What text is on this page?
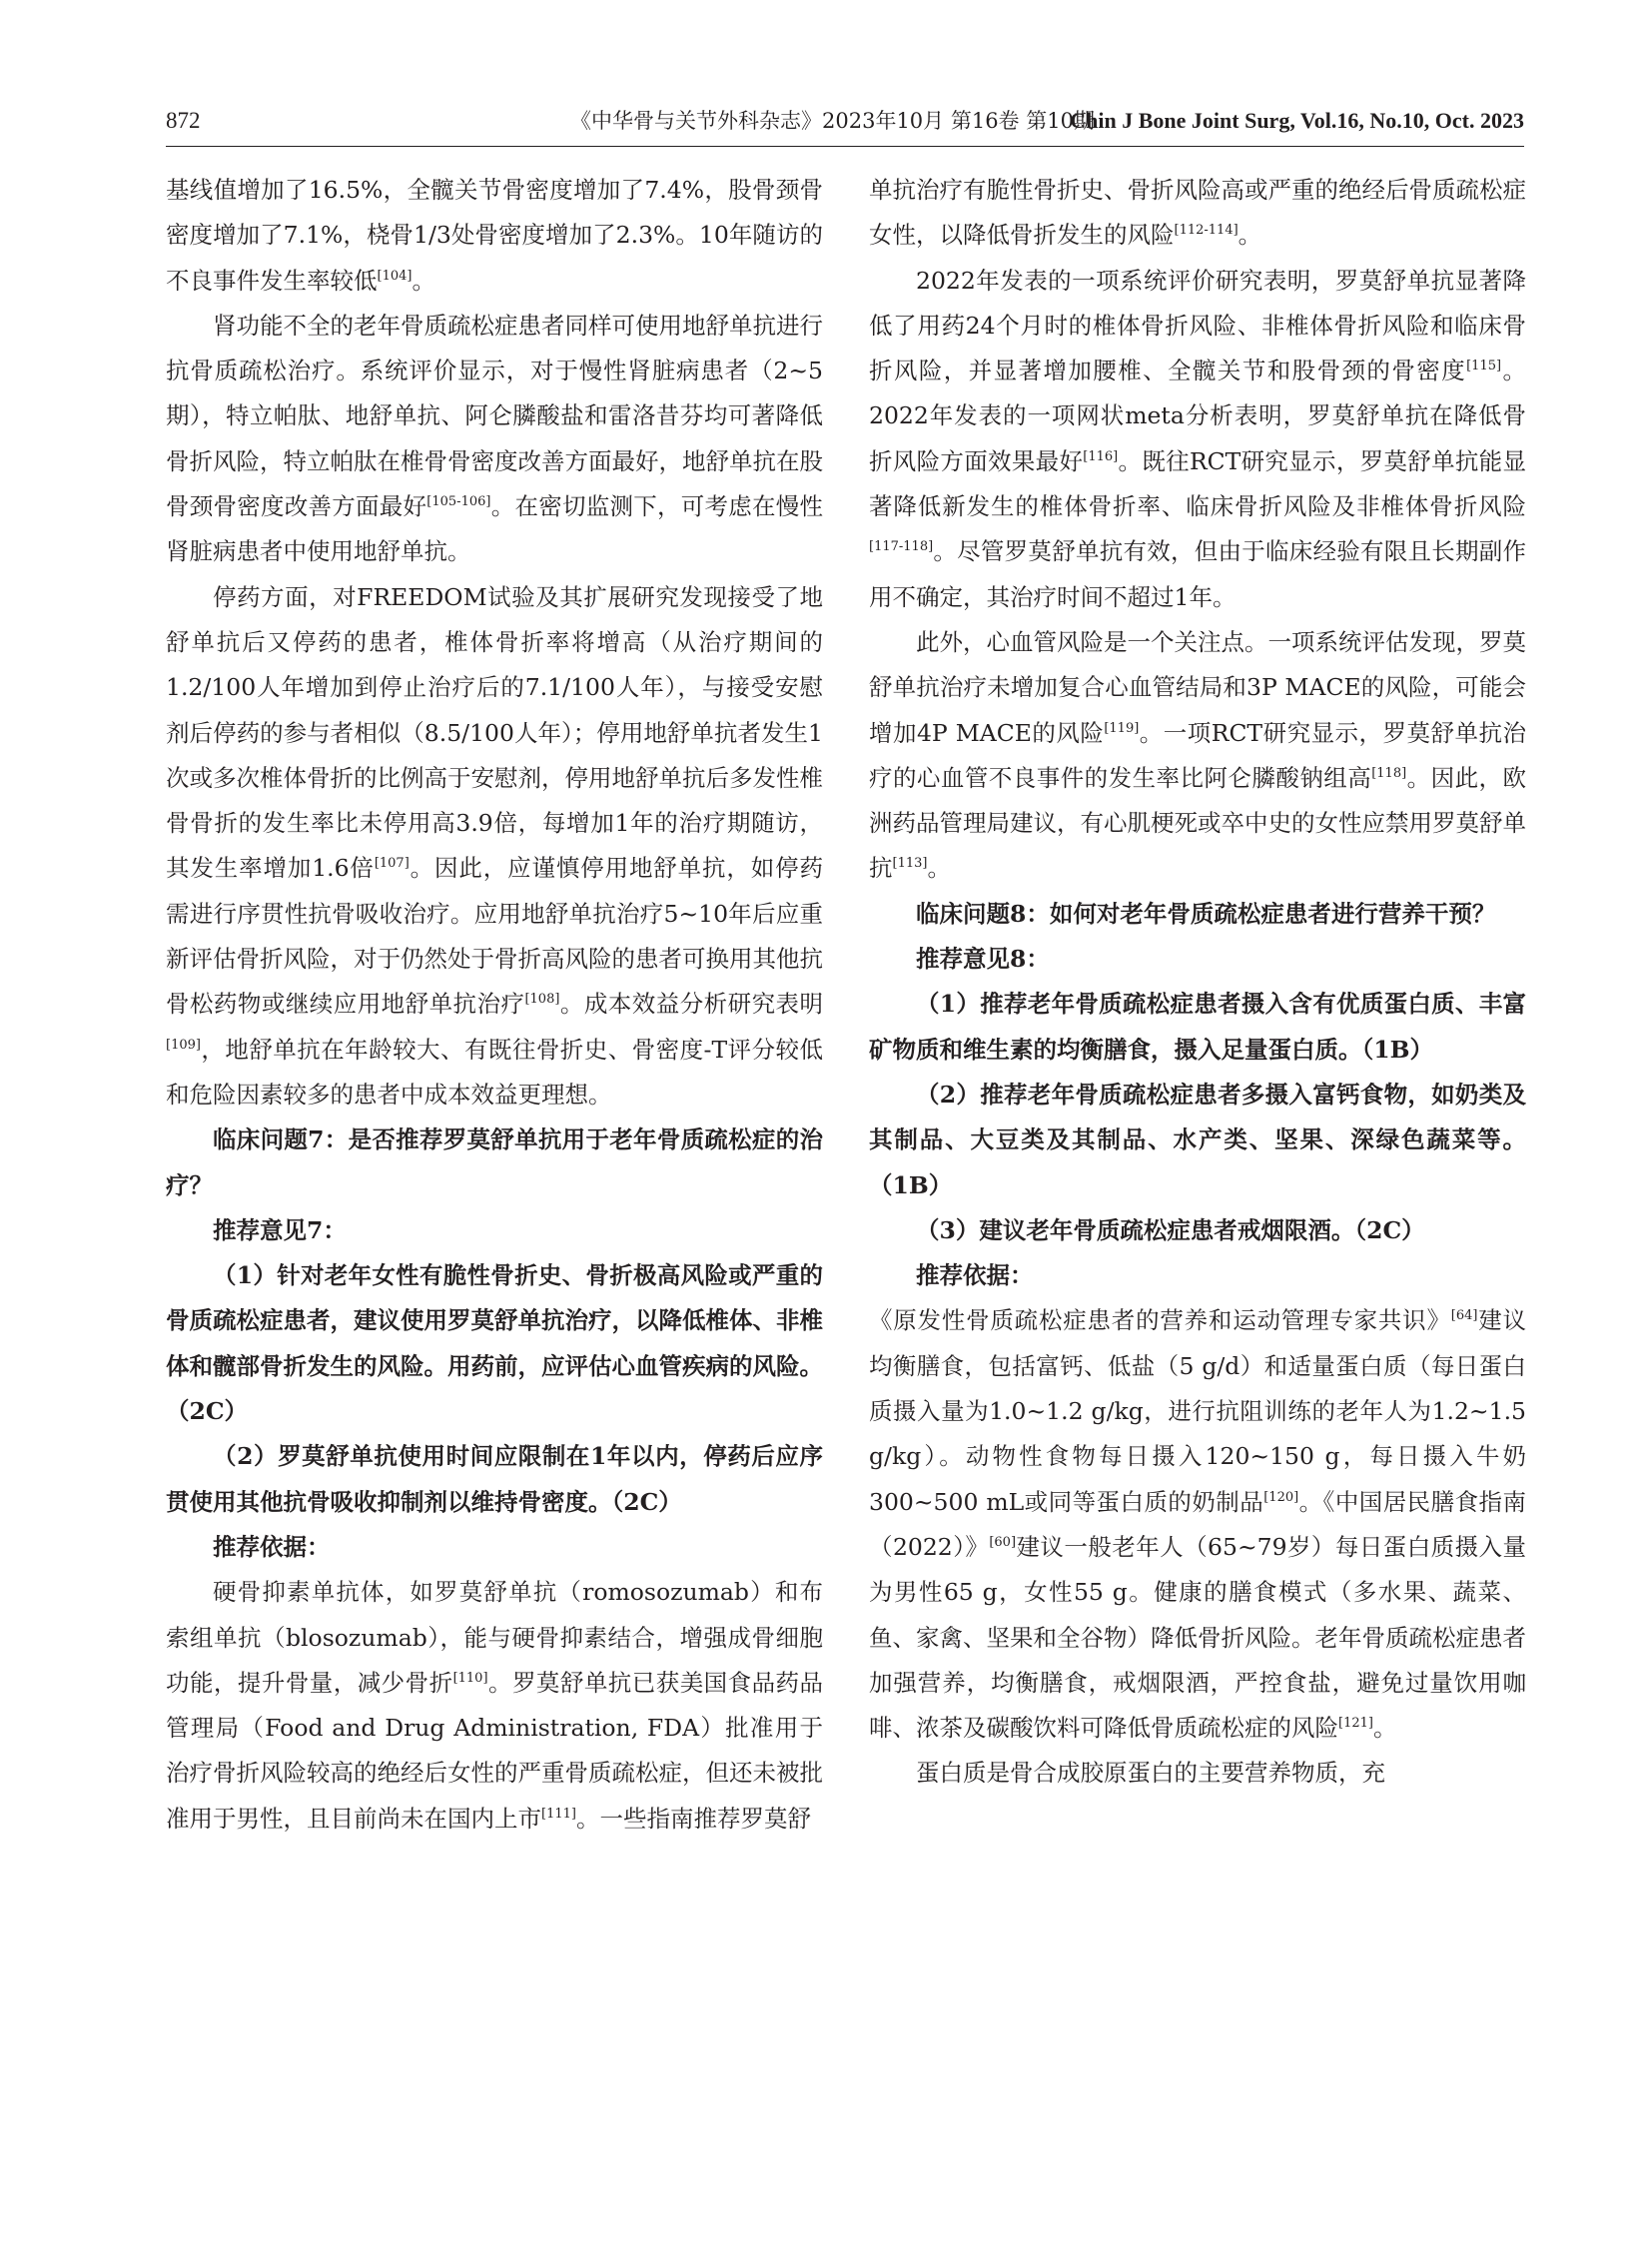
872	《中华骨与关节外科杂志》2023年10月 第16卷 第10期
Chin J Bone Joint Surg, Vol.16, No.10, Oct. 2023

基线值增加了16.5%，全髋关节骨密度增加了7.4%，股骨颈骨密度增加了7.1%，桡骨1/3处骨密度增加了2.3%。10年随访的不良事件发生率较低[104]。

肾功能不全的老年骨质疏松症患者同样可使用地舒单抗进行抗骨质疏松治疗。系统评价显示，对于慢性肾脏病患者（2~5期），特立帕肽、地舒单抗、阿仑膦酸盐和雷洛昔芬均可著降低骨折风险，特立帕肽在椎骨骨密度改善方面最好，地舒单抗在股骨颈骨密度改善方面最好[105-106]。在密切监测下，可考虑在慢性肾脏病患者中使用地舒单抗。

停药方面，对FREEDOM试验及其扩展研究发现接受了地舒单抗后又停药的患者，椎体骨折率将增高（从治疗期间的1.2/100人年增加到停止治疗后的7.1/100人年），与接受安慰剂后停药的参与者相似（8.5/100人年）；停用地舒单抗者发生1次或多次椎体骨折的比例高于安慰剂，停用地舒单抗后多发性椎骨骨折的发生率比未停用高3.9倍，每增加1年的治疗期随访，其发生率增加1.6倍[107]。因此，应谨慎停用地舒单抗，如停药需进行序贯性抗骨吸收治疗。应用地舒单抗治疗5~10年后应重新评估骨折风险，对于仍然处于骨折高风险的患者可换用其他抗骨松药物或继续应用地舒单抗治疗[108]。成本效益分析研究表明[109]，地舒单抗在年龄较大、有既往骨折史、骨密度-T评分较低和危险因素较多的患者中成本效益更理想。

临床问题7：是否推荐罗莫舒单抗用于老年骨质疏松症的治疗？

推荐意见7：

（1）针对老年女性有脆性骨折史、骨折极高风险或严重的骨质疏松症患者，建议使用罗莫舒单抗治疗，以降低椎体、非椎体和髋部骨折发生的风险。用药前，应评估心血管疾病的风险。（2C）

（2）罗莫舒单抗使用时间应限制在1年以内，停药后应序贯使用其他抗骨吸收抑制剂以维持骨密度。（2C）

推荐依据：

硬骨抑素单抗体，如罗莫舒单抗（romosozumab）和布索组单抗（blosozumab），能与硬骨抑素结合，增强成骨细胞功能，提升骨量，减少骨折[110]。罗莫舒单抗已获美国食品药品管理局（Food and Drug Administration, FDA）批准用于治疗骨折风险较高的绝经后女性的严重骨质疏松症，但还未被批准用于男性，且目前尚未在国内上市[111]。一些指南推荐罗莫舒

单抗治疗有脆性骨折史、骨折风险高或严重的绝经后骨质疏松症女性，以降低骨折发生的风险[112-114]。

2022年发表的一项系统评价研究表明，罗莫舒单抗显著降低了用药24个月时的椎体骨折风险、非椎体骨折风险和临床骨折风险，并显著增加腰椎、全髋关节和股骨颈的骨密度[115]。2022年发表的一项网状meta分析表明，罗莫舒单抗在降低骨折风险方面效果最好[116]。既往RCT研究显示，罗莫舒单抗能显著降低新发生的椎体骨折率、临床骨折风险及非椎体骨折风险[117-118]。尽管罗莫舒单抗有效，但由于临床经验有限且长期副作用不确定，其治疗时间不超过1年。

此外，心血管风险是一个关注点。一项系统评估发现，罗莫舒单抗治疗未增加复合心血管结局和3P MACE的风险，可能会增加4P MACE的风险[119]。一项RCT研究显示，罗莫舒单抗治疗的心血管不良事件的发生率比阿仑膦酸钠组高[118]。因此，欧洲药品管理局建议，有心肌梗死或卒中史的女性应禁用罗莫舒单抗[113]。

临床问题8：如何对老年骨质疏松症患者进行营养干预？

推荐意见8：

（1）推荐老年骨质疏松症患者摄入含有优质蛋白质、丰富矿物质和维生素的均衡膳食，摄入足量蛋白质。（1B）

（2）推荐老年骨质疏松症患者多摄入富钙食物，如奶类及其制品、大豆类及其制品、水产类、坚果、深绿色蔬菜等。（1B）

（3）建议老年骨质疏松症患者戒烟限酒。（2C）

推荐依据：

《原发性骨质疏松症患者的营养和运动管理专家共识》[64]建议均衡膳食，包括富钙、低盐（5 g/d）和适量蛋白质（每日蛋白质摄入量为1.0~1.2 g/kg，进行抗阻训练的老年人为1.2~1.5 g/kg）。动物性食物每日摄入120~150 g，每日摄入牛奶300~500 mL或同等蛋白质的奶制品[120]。《中国居民膳食指南（2022）》[60]建议一般老年人（65~79岁）每日蛋白质摄入量为男性65 g，女性55 g。健康的膳食模式（多水果、蔬菜、鱼、家禽、坚果和全谷物）降低骨折风险。老年骨质疏松症患者加强营养，均衡膳食，戒烟限酒，严控食盐，避免过量饮用咖啡、浓茶及碳酸饮料可降低骨质疏松症的风险[121]。

蛋白质是骨合成胶原蛋白的主要营养物质，充
